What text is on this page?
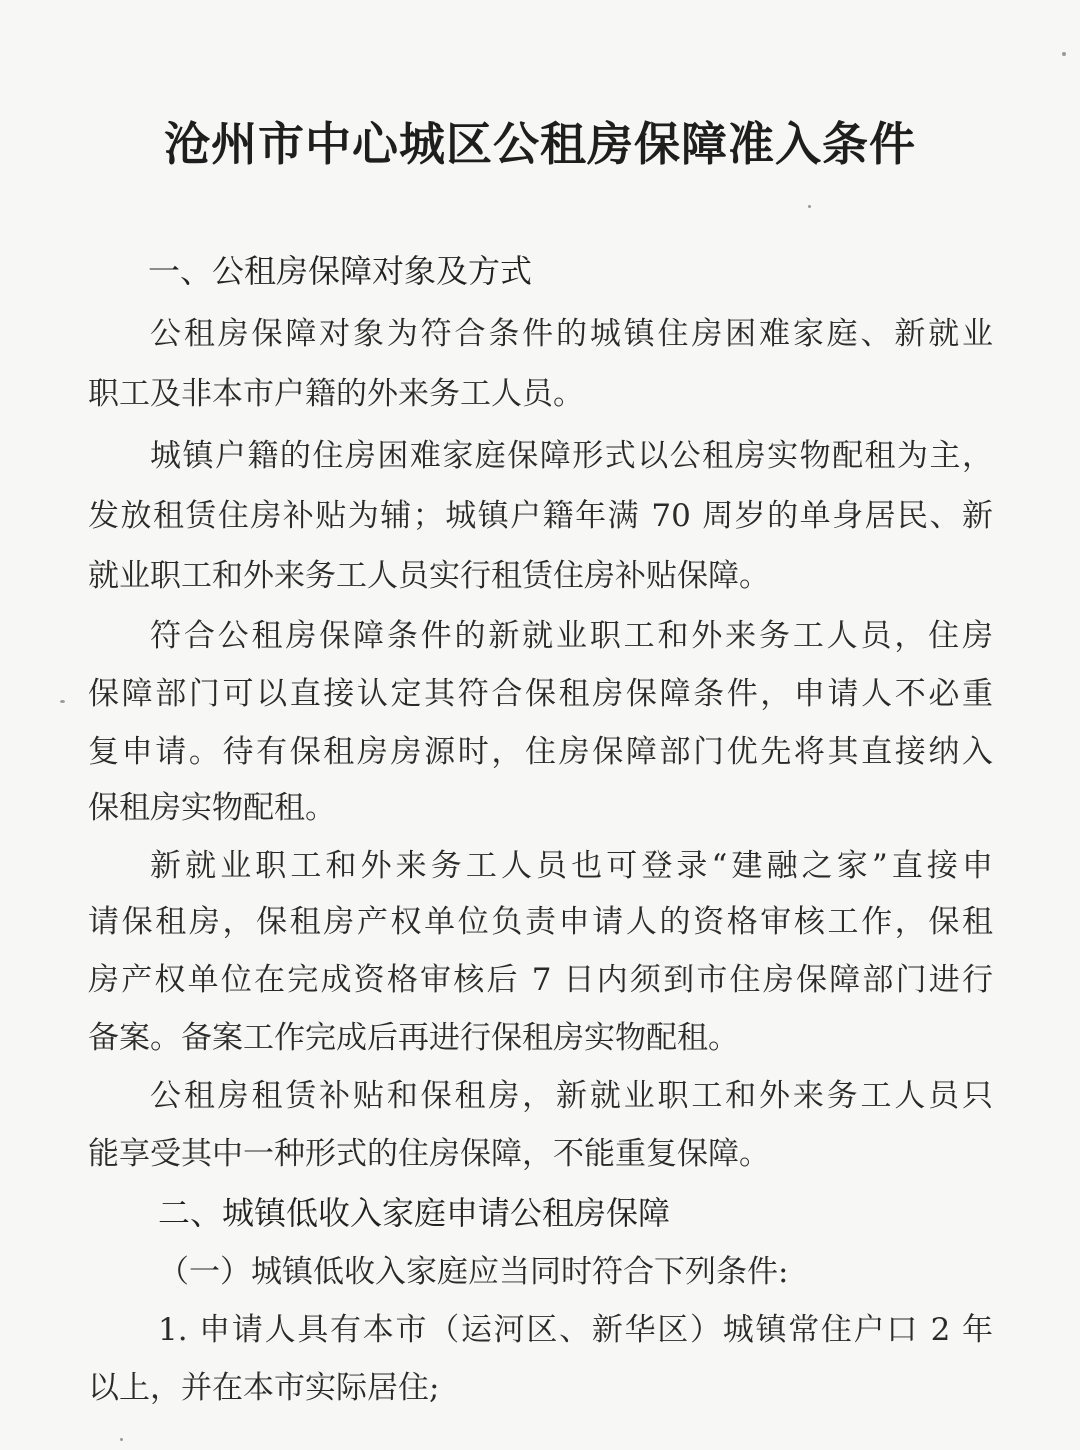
沧州市中心城区公租房保障准入条件
一、公租房保障对象及方式
公租房保障对象为符合条件的城镇住房困难家庭、新就业
职工及非本市户籍的外来务工人员。
城镇户籍的住房困难家庭保障形式以公租房实物配租为主，
发放租赁住房补贴为辅；城镇户籍年满 70 周岁的单身居民、新
就业职工和外来务工人员实行租赁住房补贴保障。
符合公租房保障条件的新就业职工和外来务工人员，住房
保障部门可以直接认定其符合保租房保障条件，申请人不必重
复申请。待有保租房房源时，住房保障部门优先将其直接纳入
保租房实物配租。
新就业职工和外来务工人员也可登录“建融之家”直接申
请保租房，保租房产权单位负责申请人的资格审核工作，保租
房产权单位在完成资格审核后 7 日内须到市住房保障部门进行
备案。备案工作完成后再进行保租房实物配租。
公租房租赁补贴和保租房，新就业职工和外来务工人员只
能享受其中一种形式的住房保障，不能重复保障。
二、城镇低收入家庭申请公租房保障
（一）城镇低收入家庭应当同时符合下列条件:
1. 申请人具有本市（运河区、新华区）城镇常住户口 2 年
以上，并在本市实际居住;
